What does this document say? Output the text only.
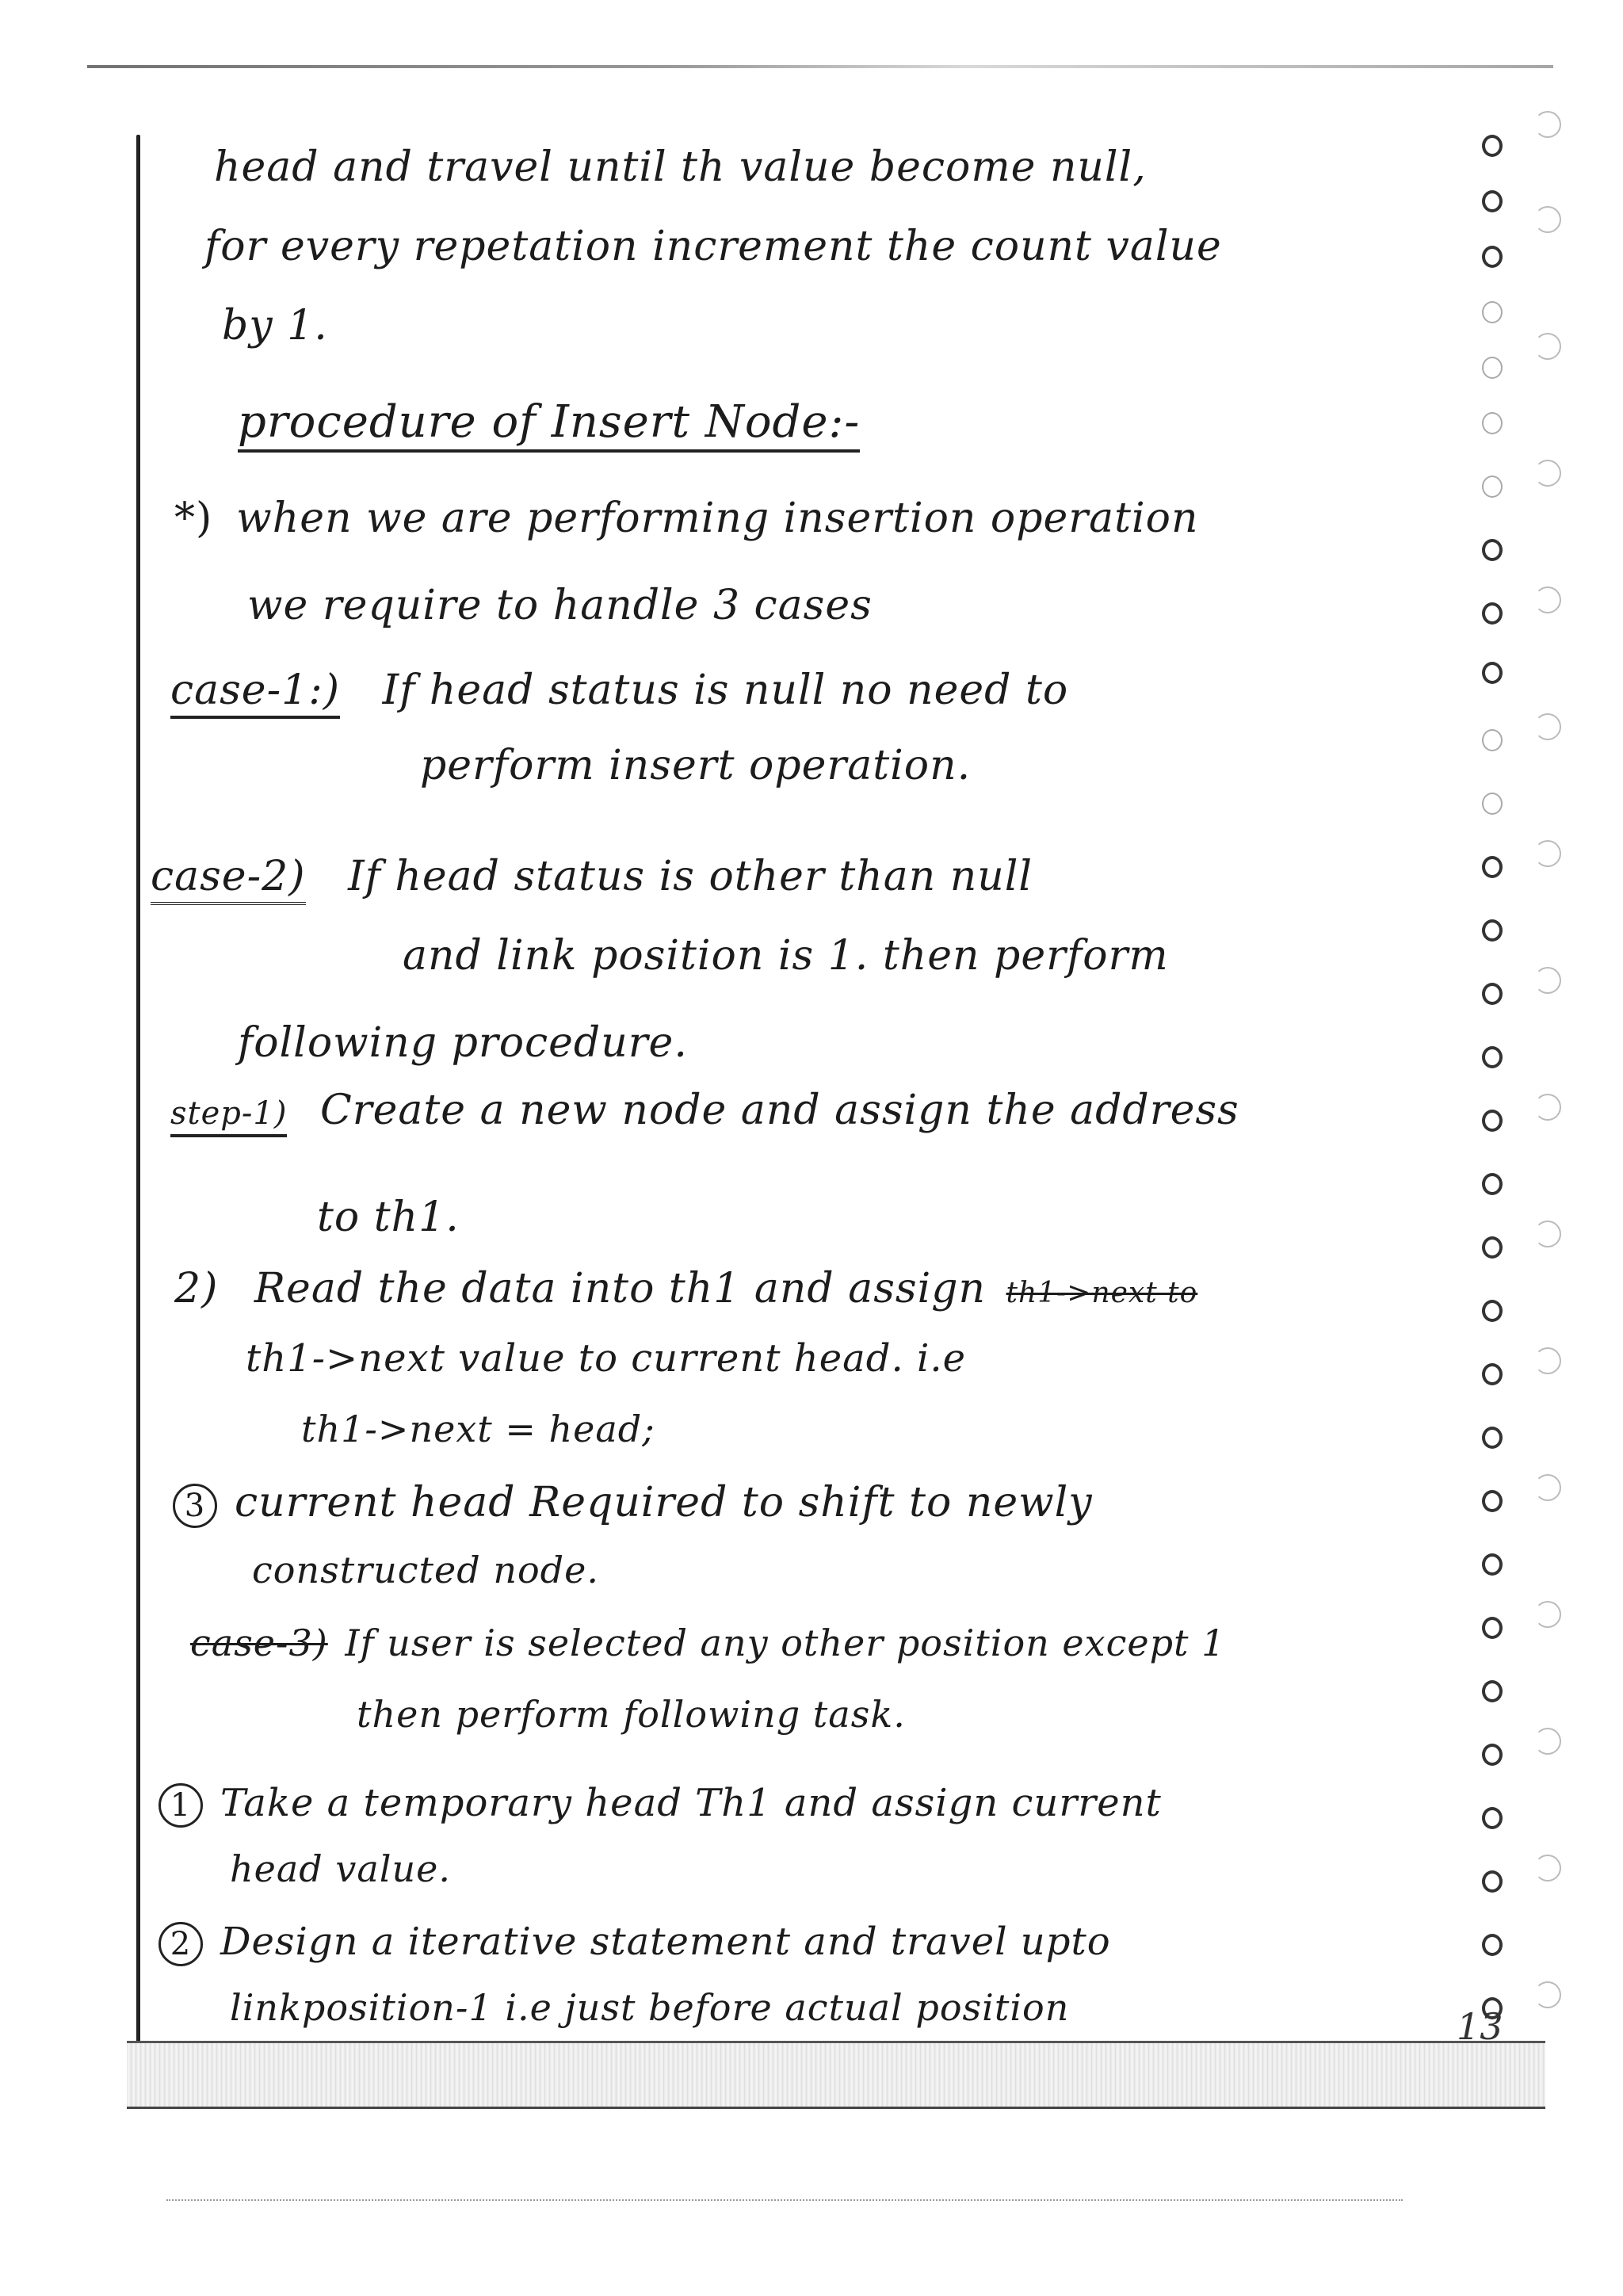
head and travel until th value become null,
for every repetation increment the count value
by 1.
procedure of Insert Node:-
*) when we are performing insertion operation
we require to handle 3 cases
case-1:) If head status is null no need to
perform insert operation.
case-2) If head status is other than null
and link position is 1. then perform
following procedure.
step-1) Create a new node and assign the address
to th1.
2) Read the data into th1 and assign th1->next to
th1->next value to current head. i.e
th1->next = head;
3 current head Required to shift to newly
constructed node.
case-3) If user is selected any other position except 1
then perform following task.
1 Take a temporary head Th1 and assign current
head value.
2 Design a iterative statement and travel upto
linkposition-1 i.e just before actual position	13
